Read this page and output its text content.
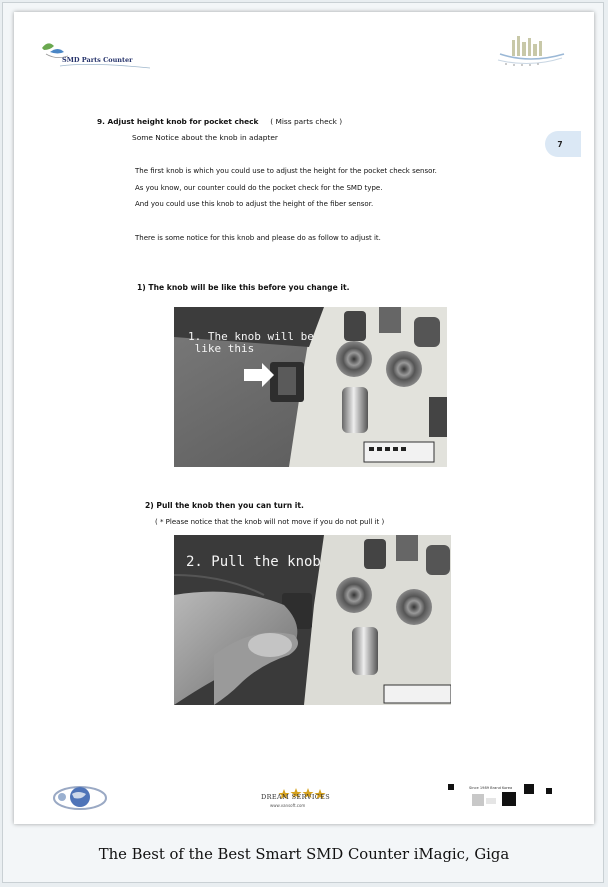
SMD Parts Counter
9. Adjust height knob for pocket check ( Miss parts check )
Some Notice about the knob in adapter
7
The first knob is which you could use to adjust the height for the pocket check sensor.
As you know, our counter could do the pocket check for the SMD type.
And you could use this knob to adjust the height of the fiber sensor.
There is some notice for this knob and please do as follow to adjust it.
1) The knob will be like this before you change it.
1. The knob will be
like this
2) Pull the knob then you can turn it.
( * Please notice that the knob will not move if you do not pull it )
2. Pull the knob
DREAM SERVICES
www.vansoft.com
Since 1989 Brand Korea
The Best of the Best Smart SMD Counter iMagic, Giga
